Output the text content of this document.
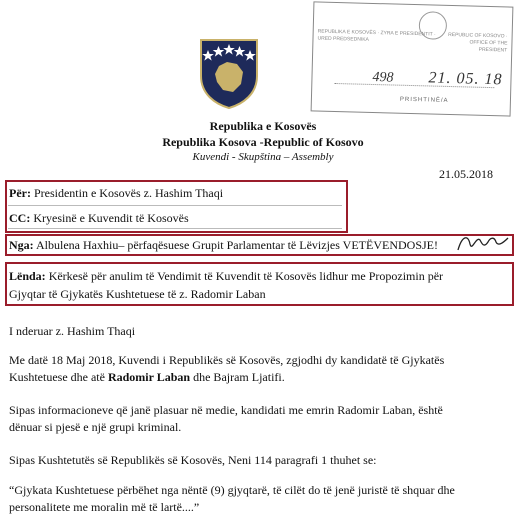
REPUBLIKA E KOSOVËS · ZYRA E PRESIDENTIT · URED PREDSEDNIKA	REPUBLIC OF KOSOVO · OFFICE OF THE PRESIDENT
498 21. 05. 18
PRISHTINË/A
Republika e Kosovës
Republika Kosova -Republic of Kosovo
Kuvendi - Skupština – Assembly
21.05.2018
Për: Presidentin e Kosovës z. Hashim Thaqi
CC: Kryesinë e Kuvendit të Kosovës
Nga: Albulena Haxhiu– përfaqësuese Grupit Parlamentar të Lëvizjes VETËVENDOSJE!
Lënda: Kërkesë për anulim të Vendimit të Kuvendit të Kosovës lidhur me Propozimin për
Gjyqtar të Gjykatës Kushtetuese të z. Radomir Laban
I nderuar z. Hashim Thaqi
Me datë 18 Maj 2018, Kuvendi i Republikës së Kosovës, zgjodhi dy kandidatë të Gjykatës
Kushtetuese dhe atë Radomir Laban dhe Bajram Ljatifi.
Sipas informacioneve që janë plasuar në medie, kandidati me emrin Radomir Laban, është
dënuar si pjesë e një grupi kriminal.
Sipas Kushtetutës së Republikës së Kosovës, Neni 114 paragrafi 1 thuhet se:
“Gjykata Kushtetuese përbëhet nga nëntë (9) gjyqtarë, të cilët do të jenë juristë të shquar dhe
personalitete me moralin më të lartë....”
